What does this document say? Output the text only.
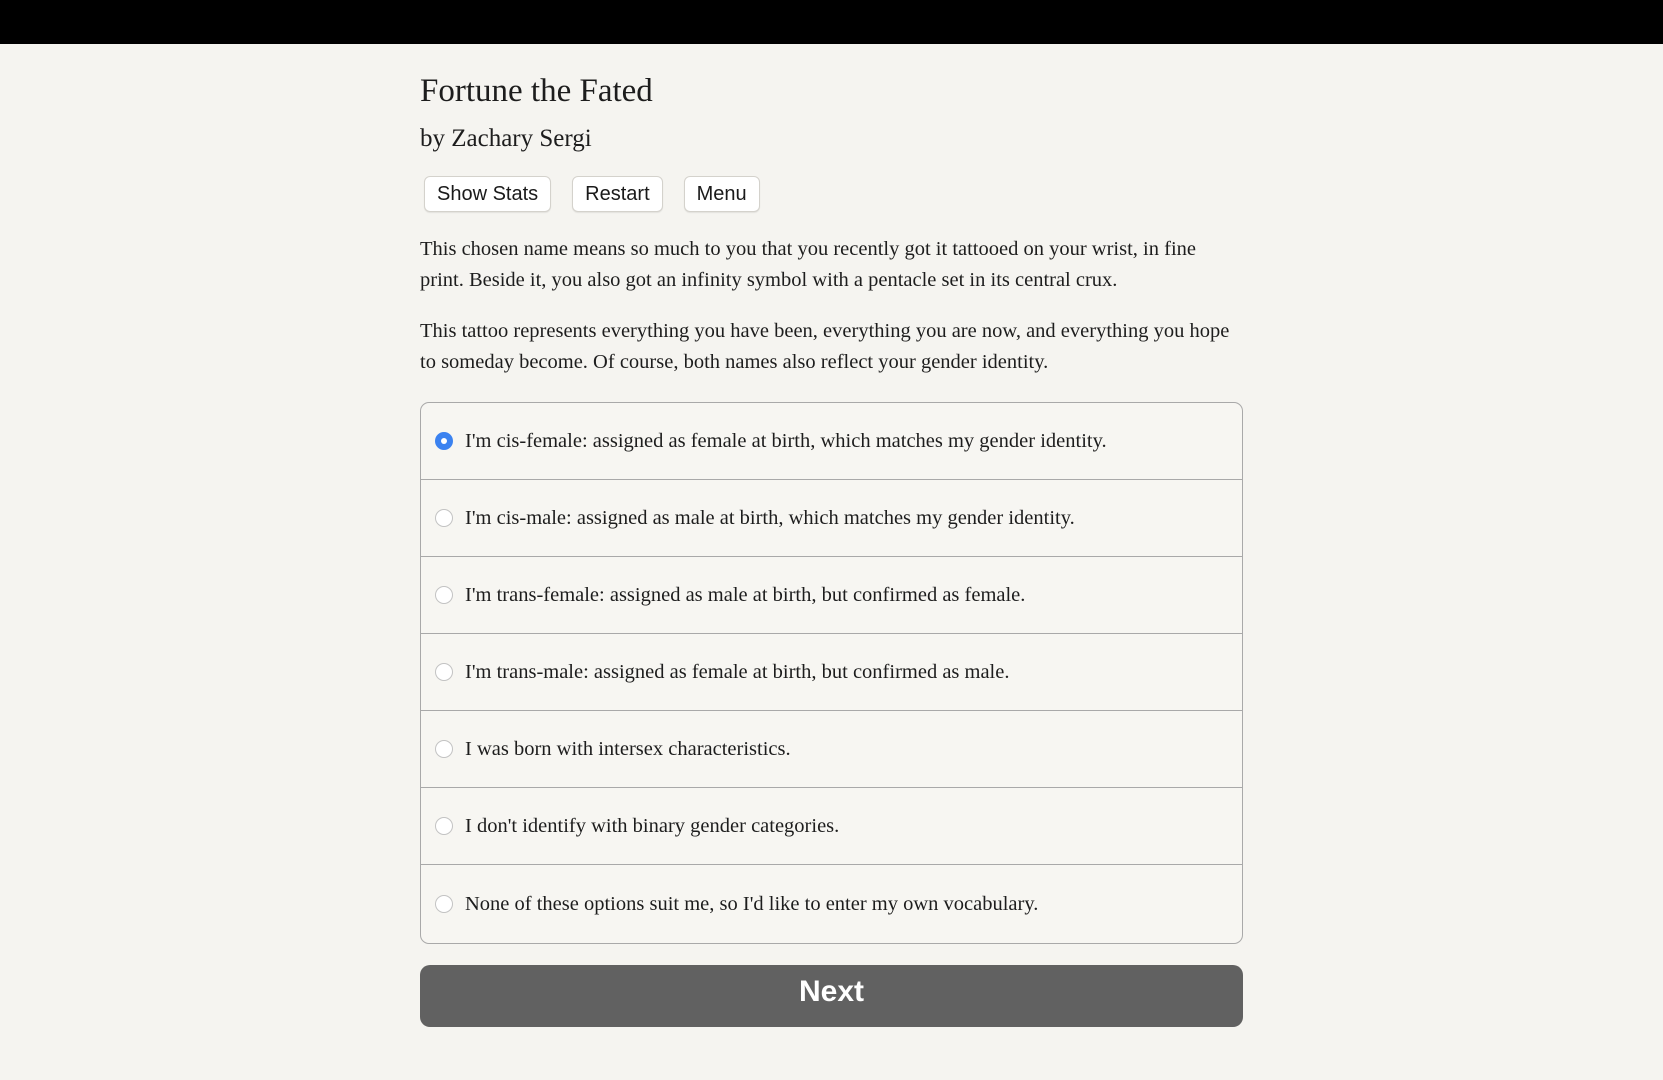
Fortune the Fated
by Zachary Sergi
Show Stats	Restart	Menu

This chosen name means so much to you that you recently got it tattooed on your wrist, in fine print. Beside it, you also got an infinity symbol with a pentacle set in its central crux.

This tattoo represents everything you have been, everything you are now, and everything you hope to someday become. Of course, both names also reflect your gender identity.

I'm cis-female: assigned as female at birth, which matches my gender identity.
I'm cis-male: assigned as male at birth, which matches my gender identity.
I'm trans-female: assigned as male at birth, but confirmed as female.
I'm trans-male: assigned as female at birth, but confirmed as male.
I was born with intersex characteristics.
I don't identify with binary gender categories.
None of these options suit me, so I'd like to enter my own vocabulary.
Next
